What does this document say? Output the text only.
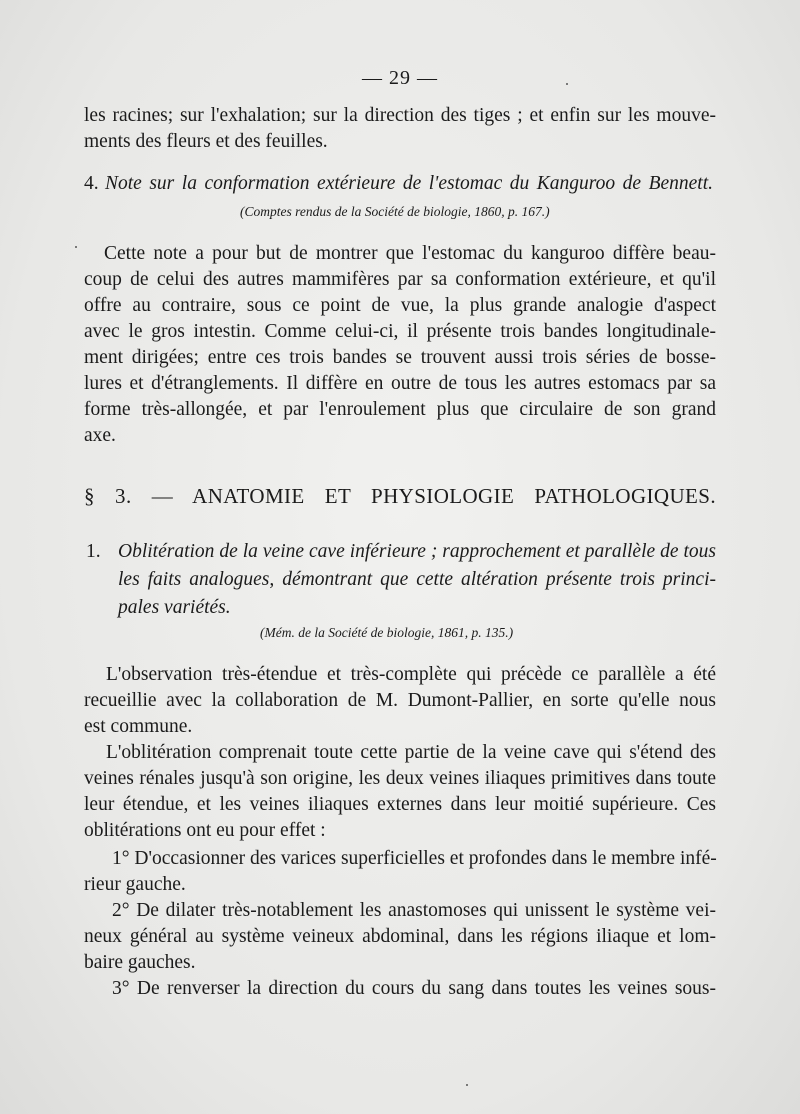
— 29 —
les racines; sur l'exhalation; sur la direction des tiges ; et enfin sur les mouve-
ments des fleurs et des feuilles.
4. Note sur la conformation extérieure de l'estomac du Kanguroo de Bennett.
(Comptes rendus de la Société de biologie, 1860, p. 167.)
Cette note a pour but de montrer que l'estomac du kanguroo diffère beau-
coup de celui des autres mammifères par sa conformation extérieure, et qu'il
offre au contraire, sous ce point de vue, la plus grande analogie d'aspect
avec le gros intestin. Comme celui-ci, il présente trois bandes longitudinale-
ment dirigées; entre ces trois bandes se trouvent aussi trois séries de bosse-
lures et d'étranglements. Il diffère en outre de tous les autres estomacs par sa
forme très-allongée, et par l'enroulement plus que circulaire de son grand
axe.
§ 3. — ANATOMIE ET PHYSIOLOGIE PATHOLOGIQUES.
1. Oblitération de la veine cave inférieure ; rapprochement et parallèle de tous
les faits analogues, démontrant que cette altération présente trois princi-
pales variétés.
(Mém. de la Société de biologie, 1861, p. 135.)
L'observation très-étendue et très-complète qui précède ce parallèle a été
recueillie avec la collaboration de M. Dumont-Pallier, en sorte qu'elle nous
est commune.
L'oblitération comprenait toute cette partie de la veine cave qui s'étend des
veines rénales jusqu'à son origine, les deux veines iliaques primitives dans toute
leur étendue, et les veines iliaques externes dans leur moitié supérieure. Ces
oblitérations ont eu pour effet :
1° D'occasionner des varices superficielles et profondes dans le membre infé-
rieur gauche.
2° De dilater très-notablement les anastomoses qui unissent le système vei-
neux général au système veineux abdominal, dans les régions iliaque et lom-
baire gauches.
3° De renverser la direction du cours du sang dans toutes les veines sous-
